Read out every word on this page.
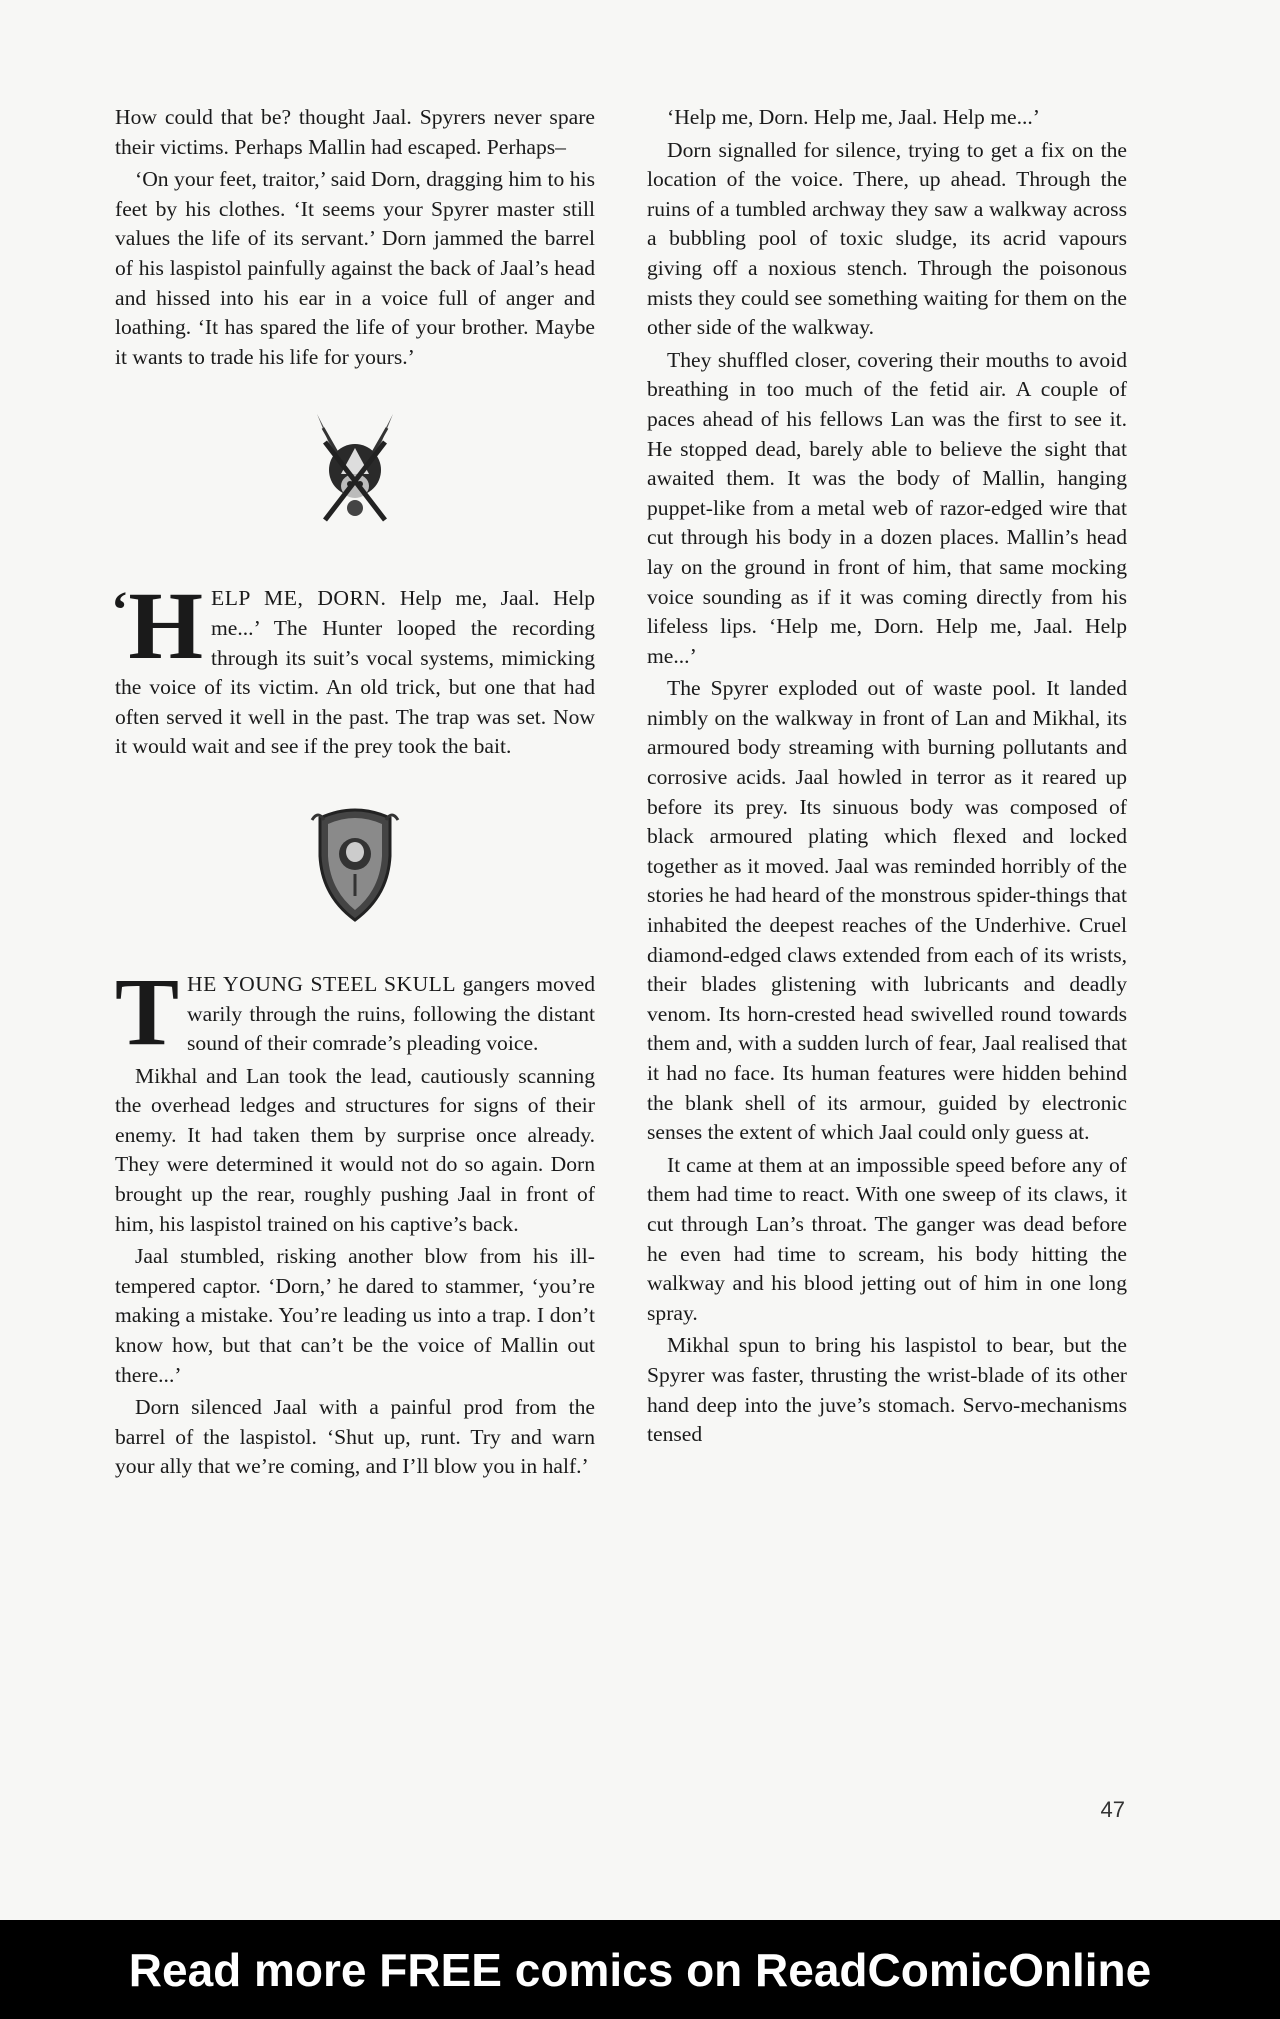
How could that be? thought Jaal. Spyrers never spare their victims. Perhaps Mallin had escaped. Perhaps–

‘On your feet, traitor,’ said Dorn, dragging him to his feet by his clothes. ‘It seems your Spyrer master still values the life of its servant.’ Dorn jammed the barrel of his laspistol painfully against the back of Jaal’s head and hissed into his ear in a voice full of anger and loathing. ‘It has spared the life of your brother. Maybe it wants to trade his life for yours.’

‘ H ELP ME, DORN. Help me, Jaal. Help me...’ The Hunter looped the recording through its suit’s vocal systems, mimicking the voice of its victim. An old trick, but one that had often served it well in the past. The trap was set. Now it would wait and see if the prey took the bait.

T HE YOUNG STEEL SKULL gangers moved warily through the ruins, following the distant sound of their comrade’s pleading voice.

Mikhal and Lan took the lead, cautiously scanning the overhead ledges and structures for signs of their enemy. It had taken them by surprise once already. They were determined it would not do so again. Dorn brought up the rear, roughly pushing Jaal in front of him, his laspistol trained on his captive’s back.

Jaal stumbled, risking another blow from his ill-tempered captor. ‘Dorn,’ he dared to stammer, ‘you’re making a mistake. You’re leading us into a trap. I don’t know how, but that can’t be the voice of Mallin out there...’

Dorn silenced Jaal with a painful prod from the barrel of the laspistol. ‘Shut up, runt. Try and warn your ally that we’re coming, and I’ll blow you in half.’

‘Help me, Dorn. Help me, Jaal. Help me...’

Dorn signalled for silence, trying to get a fix on the location of the voice. There, up ahead. Through the ruins of a tumbled archway they saw a walkway across a bubbling pool of toxic sludge, its acrid vapours giving off a noxious stench. Through the poisonous mists they could see something waiting for them on the other side of the walkway.

They shuffled closer, covering their mouths to avoid breathing in too much of the fetid air. A couple of paces ahead of his fellows Lan was the first to see it. He stopped dead, barely able to believe the sight that awaited them. It was the body of Mallin, hanging puppet-like from a metal web of razor-edged wire that cut through his body in a dozen places. Mallin’s head lay on the ground in front of him, that same mocking voice sounding as if it was coming directly from his lifeless lips. ‘Help me, Dorn. Help me, Jaal. Help me...’

The Spyrer exploded out of waste pool. It landed nimbly on the walkway in front of Lan and Mikhal, its armoured body streaming with burning pollutants and corrosive acids. Jaal howled in terror as it reared up before its prey. Its sinuous body was composed of black armoured plating which flexed and locked together as it moved. Jaal was reminded horribly of the stories he had heard of the monstrous spider-things that inhabited the deepest reaches of the Underhive. Cruel diamond-edged claws extended from each of its wrists, their blades glistening with lubricants and deadly venom. Its horn-crested head swivelled round towards them and, with a sudden lurch of fear, Jaal realised that it had no face. Its human features were hidden behind the blank shell of its armour, guided by electronic senses the extent of which Jaal could only guess at.

It came at them at an impossible speed before any of them had time to react. With one sweep of its claws, it cut through Lan’s throat. The ganger was dead before he even had time to scream, his body hitting the walkway and his blood jetting out of him in one long spray.

Mikhal spun to bring his laspistol to bear, but the Spyrer was faster, thrusting the wrist-blade of its other hand deep into the juve’s stomach. Servo-mechanisms tensed

47
Read more FREE comics on ReadComicOnline
